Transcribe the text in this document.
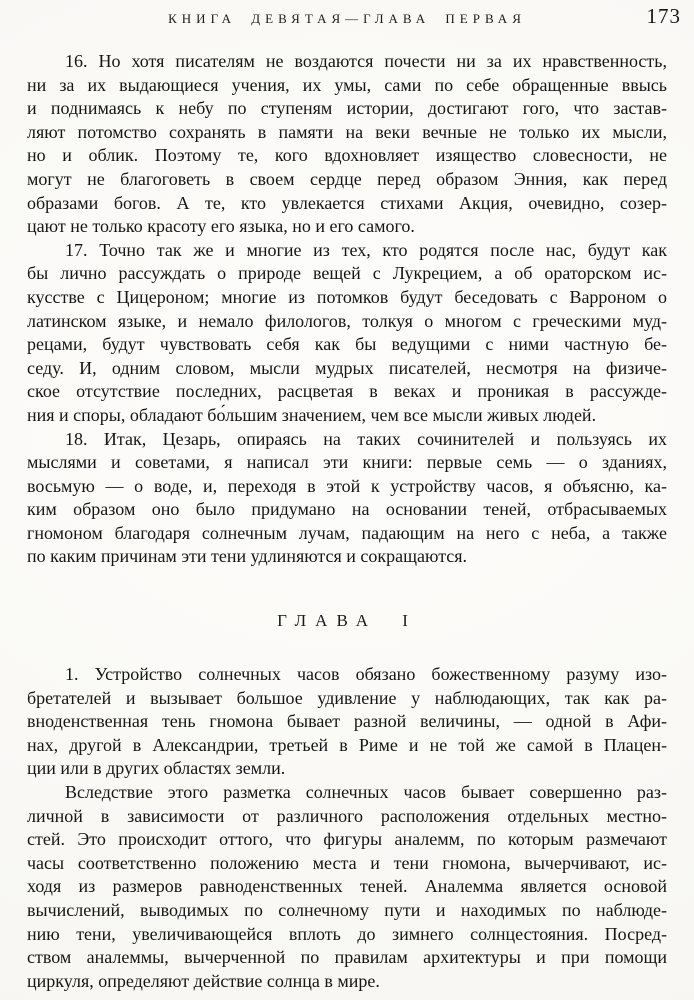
КНИГА ДЕВЯТАЯ—ГЛАВА ПЕРВАЯ	173

16. Но хотя писателям не воздаются почести ни за их нравственность,
ни за их выдающиеся учения, их умы, сами по себе обращенные ввысь
и поднимаясь к небу по ступеням истории, достигают гого, что застав-
ляют потомство сохранять в памяти на веки вечные не только их мысли,
но и облик. Поэтому те, кого вдохновляет изящество словесности, не
могут не благоговеть в своем сердце перед образом Энния, как перед
образами богов. А те, кто увлекается стихами Акция, очевидно, созер-
цают не только красоту его языка, но и его самого.

17. Точно так же и многие из тех, кто родятся после нас, будут как
бы лично рассуждать о природе вещей с Лукрецием, а об ораторском ис-
кусстве с Цицероном; многие из потомков будут беседовать с Варроном о
латинском языке, и немало филологов, толкуя о многом с греческими муд-
рецами, будут чувствовать себя как бы ведущими с ними частную бе-
седу. И, одним словом, мысли мудрых писателей, несмотря на физиче-
ское отсутствие последних, расцветая в веках и проникая в рассужде-
ния и споры, обладают бо́льшим значением, чем все мысли живых людей.

18. Итак, Цезарь, опираясь на таких сочинителей и пользуясь их
мыслями и советами, я написал эти книги: первые семь — о зданиях,
восьмую — о воде, и, переходя в этой к устройству часов, я объясню, ка-
ким образом оно было придумано на основании теней, отбрасываемых
гномоном благодаря солнечным лучам, падающим на него с неба, а также
по каким причинам эти тени удлиняются и сокращаются.

ГЛАВА I

1. Устройство солнечных часов обязано божественному разуму изо-
бретателей и вызывает большое удивление у наблюдающих, так как ра-
вноденственная тень гномона бывает разной величины, — одной в Афи-
нах, другой в Александрии, третьей в Риме и не той же самой в Плацен-
ции или в других областях земли.

Вследствие этого разметка солнечных часов бывает совершенно раз-
личной в зависимости от различного расположения отдельных местно-
стей. Это происходит оттого, что фигуры аналемм, по которым размечают
часы соответственно положению места и тени гномона, вычерчивают, ис-
ходя из размеров равноденственных теней. Аналемма является основой
вычислений, выводимых по солнечному пути и находимых по наблюде-
нию тени, увеличивающейся вплоть до зимнего солнцестояния. Посред-
ством аналеммы, вычерченной по правилам архитектуры и при помощи
циркуля, определяют действие солнца в мире.
